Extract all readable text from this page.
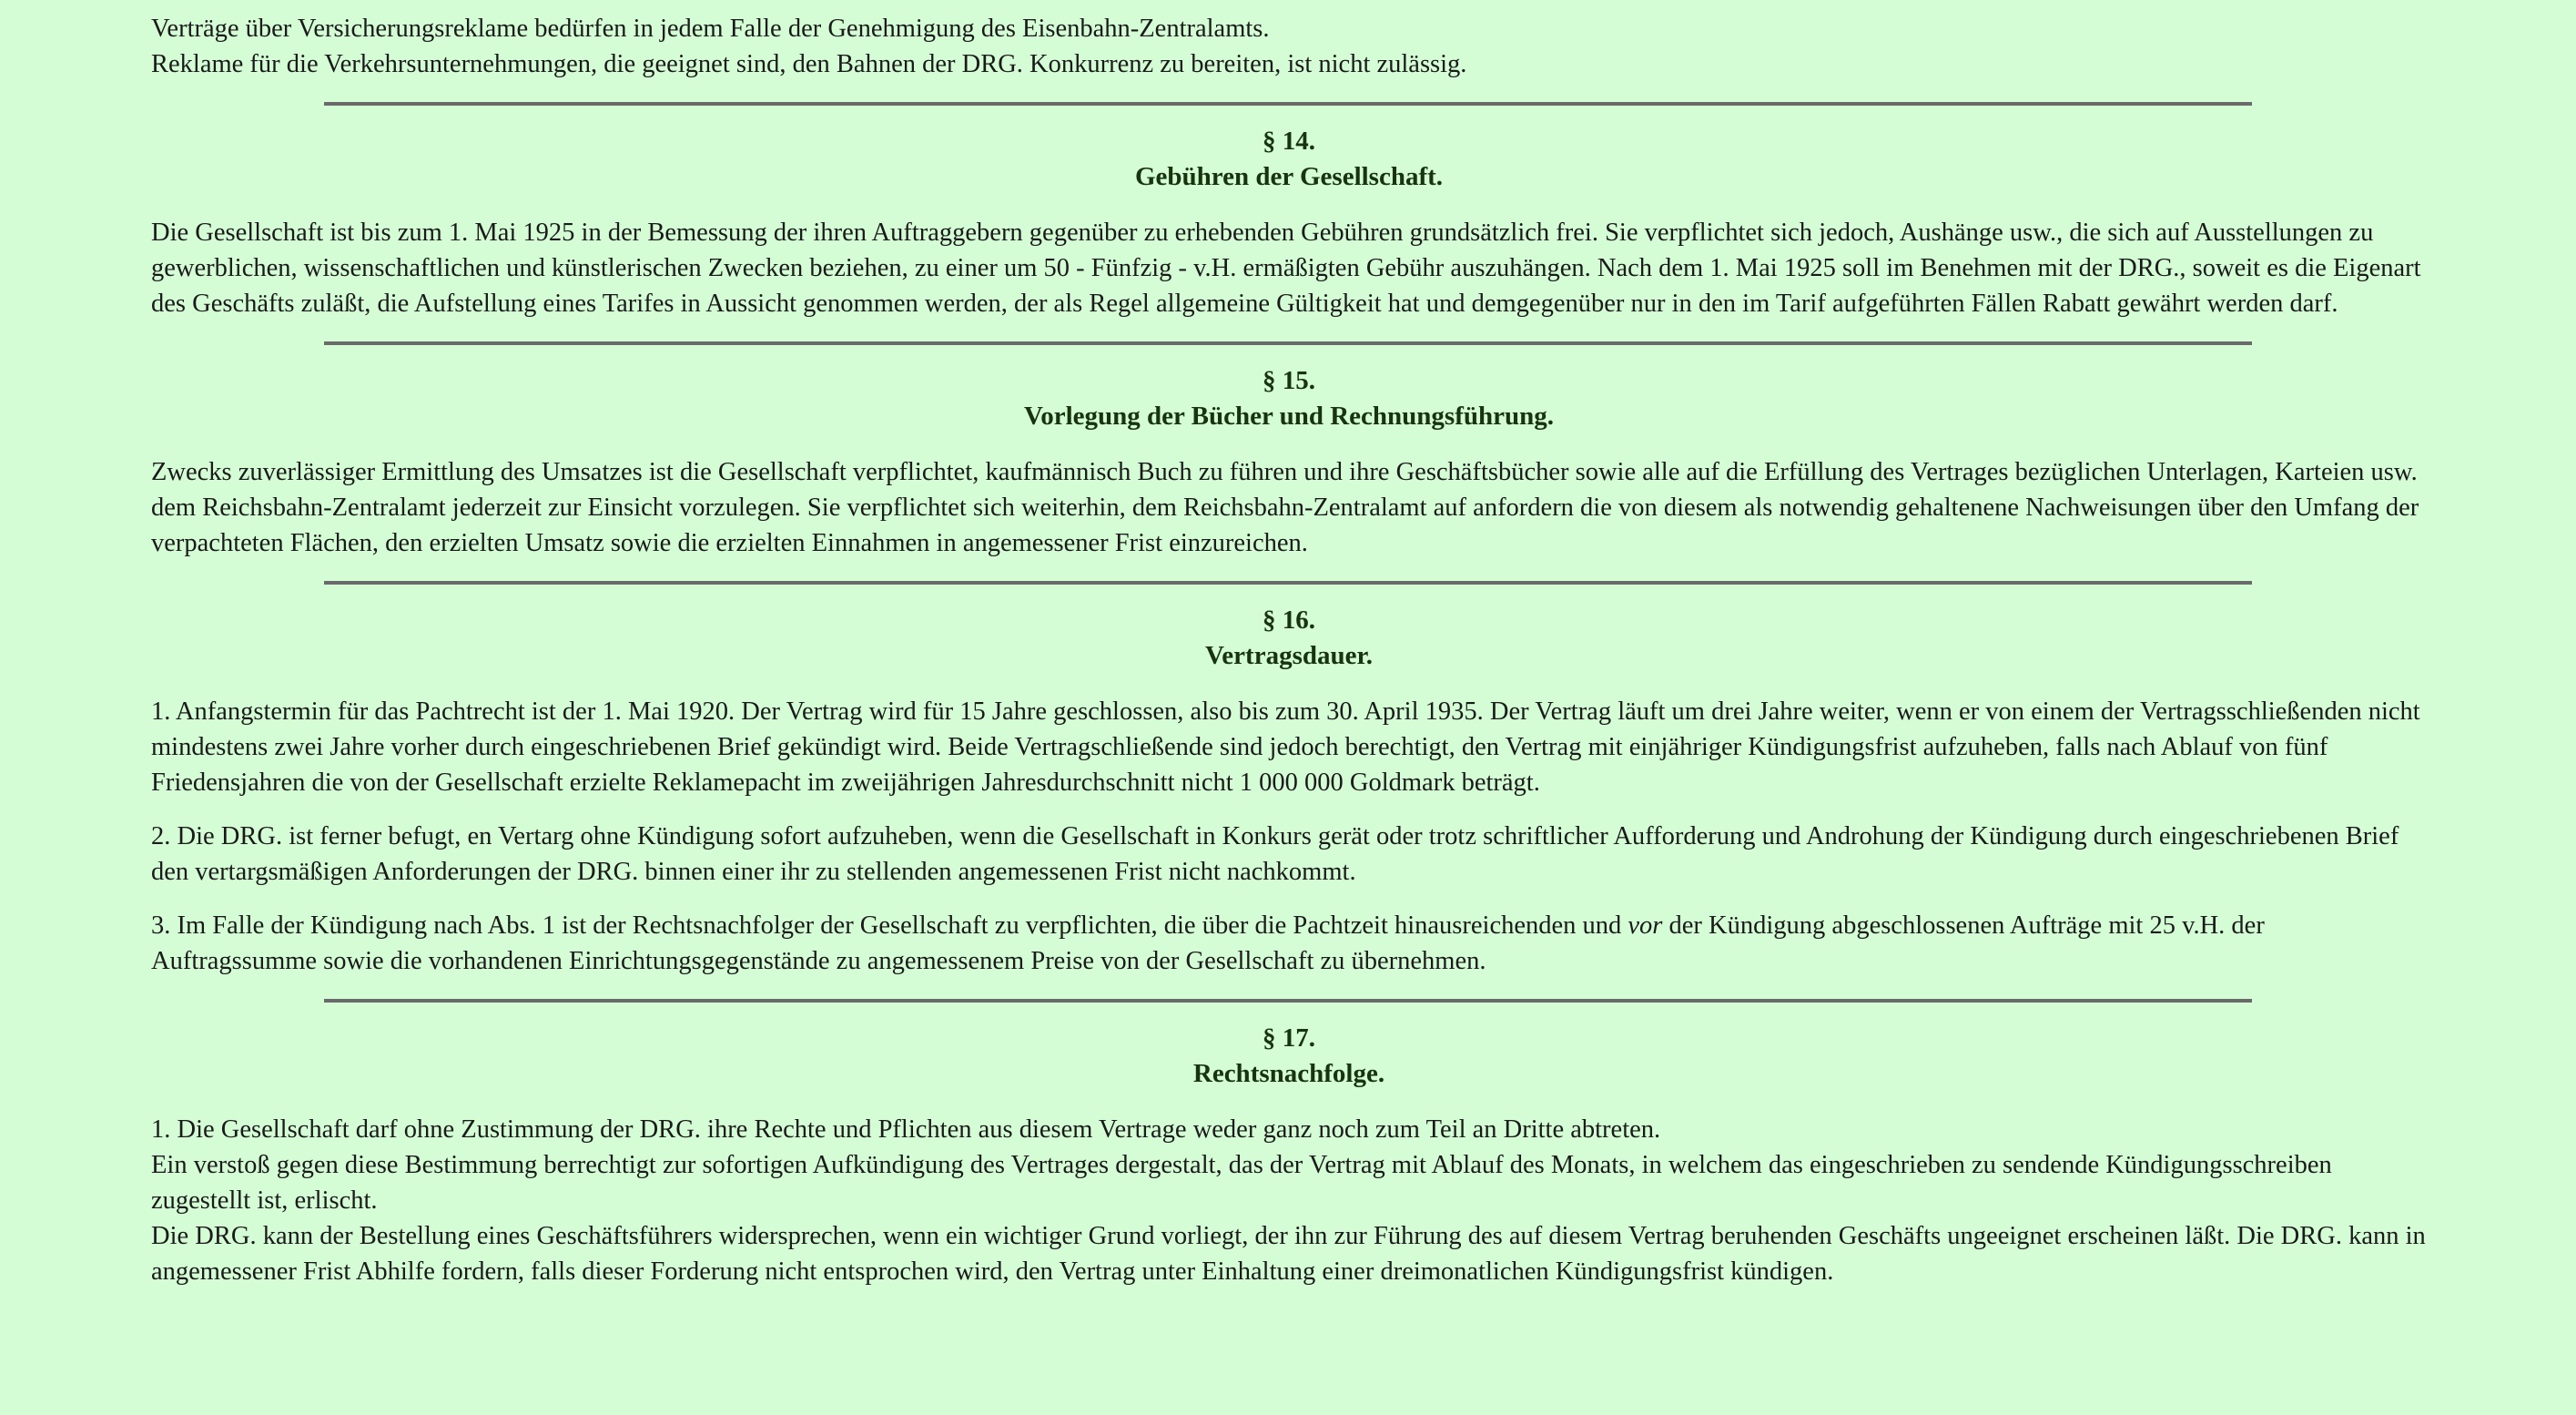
Verträge über Versicherungsreklame bedürfen in jedem Falle der Genehmigung des Eisenbahn-Zentralamts.

Reklame für die Verkehrsunternehmungen, die geeignet sind, den Bahnen der DRG. Konkurrenz zu bereiten, ist nicht zulässig.

§ 14.
Gebühren der Gesellschaft.

Die Gesellschaft ist bis zum 1. Mai 1925 in der Bemessung der ihren Auftraggebern gegenüber zu erhebenden Gebühren grundsätzlich frei. Sie verpflichtet sich jedoch, Aushänge usw., die sich auf Ausstellungen zu gewerblichen, wissenschaftlichen und künstlerischen Zwecken beziehen, zu einer um 50 - Fünfzig - v.H. ermäßigten Gebühr auszuhängen. Nach dem 1. Mai 1925 soll im Benehmen mit der DRG., soweit es die Eigenart des Geschäfts zuläßt, die Aufstellung eines Tarifes in Aussicht genommen werden, der als Regel allgemeine Gültigkeit hat und demgegenüber nur in den im Tarif aufgeführten Fällen Rabatt gewährt werden darf.

§ 15.
Vorlegung der Bücher und Rechnungsführung.

Zwecks zuverlässiger Ermittlung des Umsatzes ist die Gesellschaft verpflichtet, kaufmännisch Buch zu führen und ihre Geschäftsbücher sowie alle auf die Erfüllung des Vertrages bezüglichen Unterlagen, Karteien usw. dem Reichsbahn-Zentralamt jederzeit zur Einsicht vorzulegen. Sie verpflichtet sich weiterhin, dem Reichsbahn-Zentralamt auf anfordern die von diesem als notwendig gehaltenene Nachweisungen über den Umfang der verpachteten Flächen, den erzielten Umsatz sowie die erzielten Einnahmen in angemessener Frist einzureichen.

§ 16.
Vertragsdauer.

1. Anfangstermin für das Pachtrecht ist der 1. Mai 1920. Der Vertrag wird für 15 Jahre geschlossen, also bis zum 30. April 1935. Der Vertrag läuft um drei Jahre weiter, wenn er von einem der Vertragsschließenden nicht mindestens zwei Jahre vorher durch eingeschriebenen Brief gekündigt wird. Beide Vertragschließende sind jedoch berechtigt, den Vertrag mit einjähriger Kündigungsfrist aufzuheben, falls nach Ablauf von fünf Friedensjahren die von der Gesellschaft erzielte Reklamepacht im zweijährigen Jahresdurchschnitt nicht 1 000 000 Goldmark beträgt.

2. Die DRG. ist ferner befugt, en Vertarg ohne Kündigung sofort aufzuheben, wenn die Gesellschaft in Konkurs gerät oder trotz schriftlicher Aufforderung und Androhung der Kündigung durch eingeschriebenen Brief den vertargsmäßigen Anforderungen der DRG. binnen einer ihr zu stellenden angemessenen Frist nicht nachkommt.

3. Im Falle der Kündigung nach Abs. 1 ist der Rechtsnachfolger der Gesellschaft zu verpflichten, die über die Pachtzeit hinausreichenden und vor der Kündigung abgeschlossenen Aufträge mit 25 v.H. der Auftragssumme sowie die vorhandenen Einrichtungsgegenstände zu angemessenem Preise von der Gesellschaft zu übernehmen.

§ 17.
Rechtsnachfolge.

1. Die Gesellschaft darf ohne Zustimmung der DRG. ihre Rechte und Pflichten aus diesem Vertrage weder ganz noch zum Teil an Dritte abtreten.

Ein verstoß gegen diese Bestimmung berrechtigt zur sofortigen Aufkündigung des Vertrages dergestalt, das der Vertrag mit Ablauf des Monats, in welchem das eingeschrieben zu sendende Kündigungsschreiben zugestellt ist, erlischt.

Die DRG. kann der Bestellung eines Geschäftsführers widersprechen, wenn ein wichtiger Grund vorliegt, der ihn zur Führung des auf diesem Vertrag beruhenden Geschäfts ungeeignet erscheinen läßt. Die DRG. kann in angemessener Frist Abhilfe fordern, falls dieser Forderung nicht entsprochen wird, den Vertrag unter Einhaltung einer dreimonatlichen Kündigungsfrist kündigen.
